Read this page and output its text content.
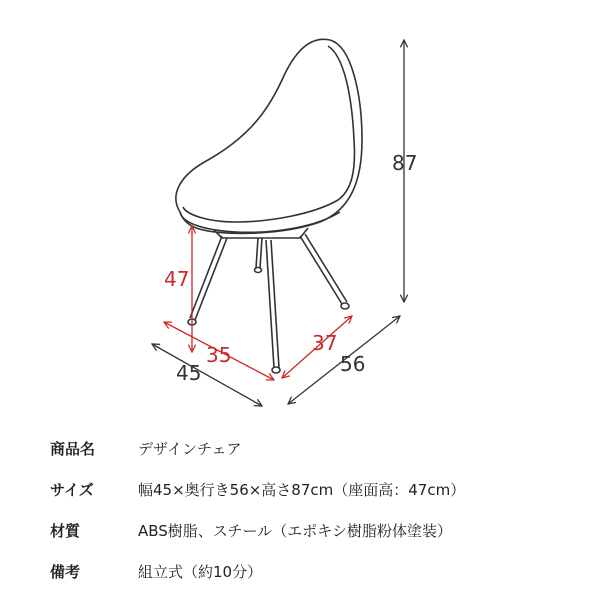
87
47
35	37
45	56
商品名	デザインチェア
サイズ	幅45×奥行き56×高さ87cm（座面高：47cm）
材質	ABS樹脂、スチール（エポキシ樹脂粉体塗装）
備考	組立式（約10分）
